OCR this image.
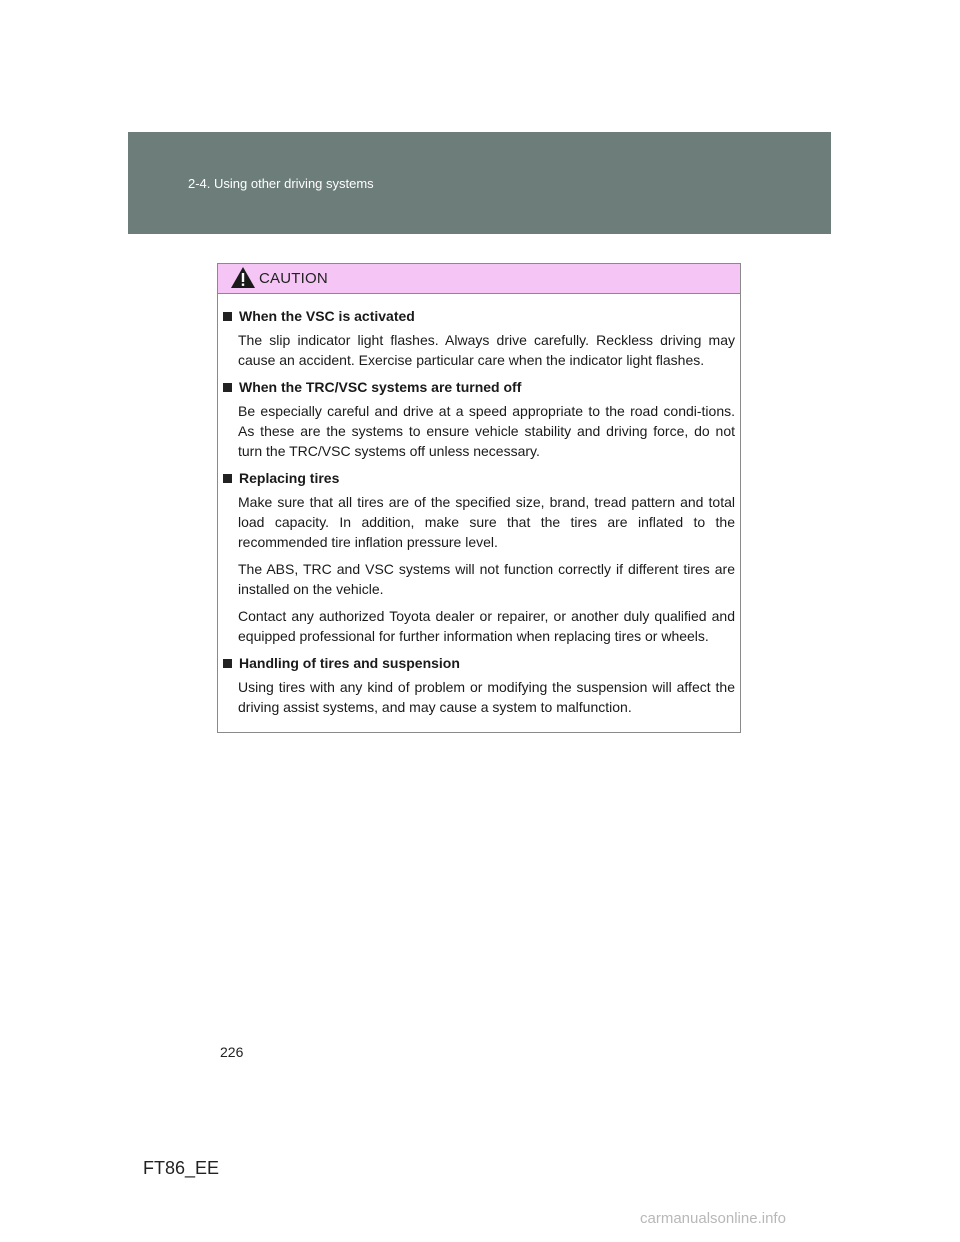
2-4. Using other driving systems
CAUTION
When the VSC is activated

The slip indicator light flashes. Always drive carefully. Reckless driving may cause an accident. Exercise particular care when the indicator light flashes.

When the TRC/VSC systems are turned off

Be especially careful and drive at a speed appropriate to the road condi-tions. As these are the systems to ensure vehicle stability and driving force, do not turn the TRC/VSC systems off unless necessary.

Replacing tires

Make sure that all tires are of the specified size, brand, tread pattern and total load capacity. In addition, make sure that the tires are inflated to the recommended tire inflation pressure level.

The ABS, TRC and VSC systems will not function correctly if different tires are installed on the vehicle.

Contact any authorized Toyota dealer or repairer, or another duly qualified and equipped professional for further information when replacing tires or wheels.

Handling of tires and suspension

Using tires with any kind of problem or modifying the suspension will affect the driving assist systems, and may cause a system to malfunction.

226
FT86_EE
carmanualsonline.info
